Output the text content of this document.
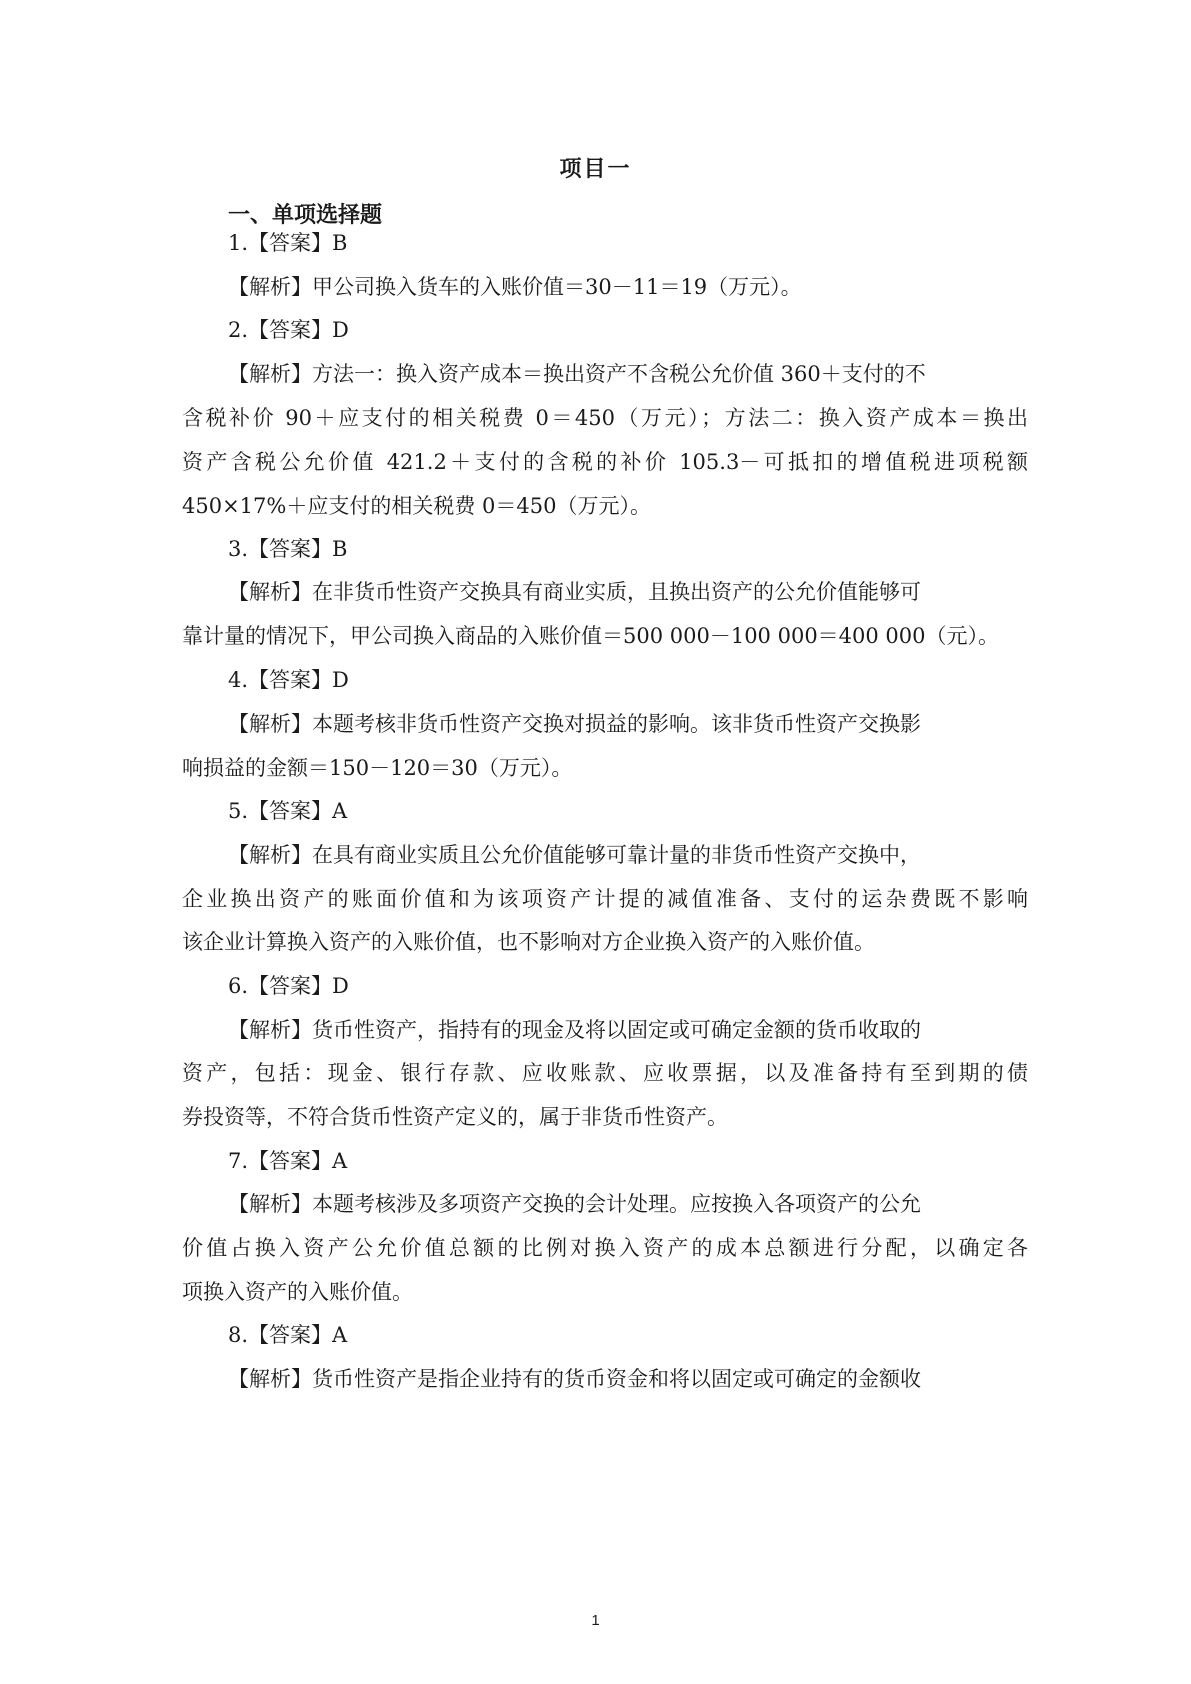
项目一
一、单项选择题
1.【答案】B
【解析】甲公司换入货车的入账价值＝30－11＝19（万元）。
2.【答案】D
【解析】方法一：换入资产成本＝换出资产不含税公允价值 360＋支付的不
含税补价 90＋应支付的相关税费 0＝450（万元）；方法二：换入资产成本＝换出
资产含税公允价值 421.2＋支付的含税的补价 105.3－可抵扣的增值税进项税额
450×17%＋应支付的相关税费 0＝450（万元）。
3.【答案】B
【解析】在非货币性资产交换具有商业实质，且换出资产的公允价值能够可
靠计量的情况下，甲公司换入商品的入账价值＝500 000－100 000＝400 000（元）。
4.【答案】D
【解析】本题考核非货币性资产交换对损益的影响。该非货币性资产交换影
响损益的金额＝150－120＝30（万元）。
5.【答案】A
【解析】在具有商业实质且公允价值能够可靠计量的非货币性资产交换中，
企业换出资产的账面价值和为该项资产计提的减值准备、支付的运杂费既不影响
该企业计算换入资产的入账价值，也不影响对方企业换入资产的入账价值。
6.【答案】D
【解析】货币性资产，指持有的现金及将以固定或可确定金额的货币收取的
资产，包括：现金、银行存款、应收账款、应收票据，以及准备持有至到期的债
券投资等，不符合货币性资产定义的，属于非货币性资产。
7.【答案】A
【解析】本题考核涉及多项资产交换的会计处理。应按换入各项资产的公允
价值占换入资产公允价值总额的比例对换入资产的成本总额进行分配，以确定各
项换入资产的入账价值。
8.【答案】A
【解析】货币性资产是指企业持有的货币资金和将以固定或可确定的金额收
1
